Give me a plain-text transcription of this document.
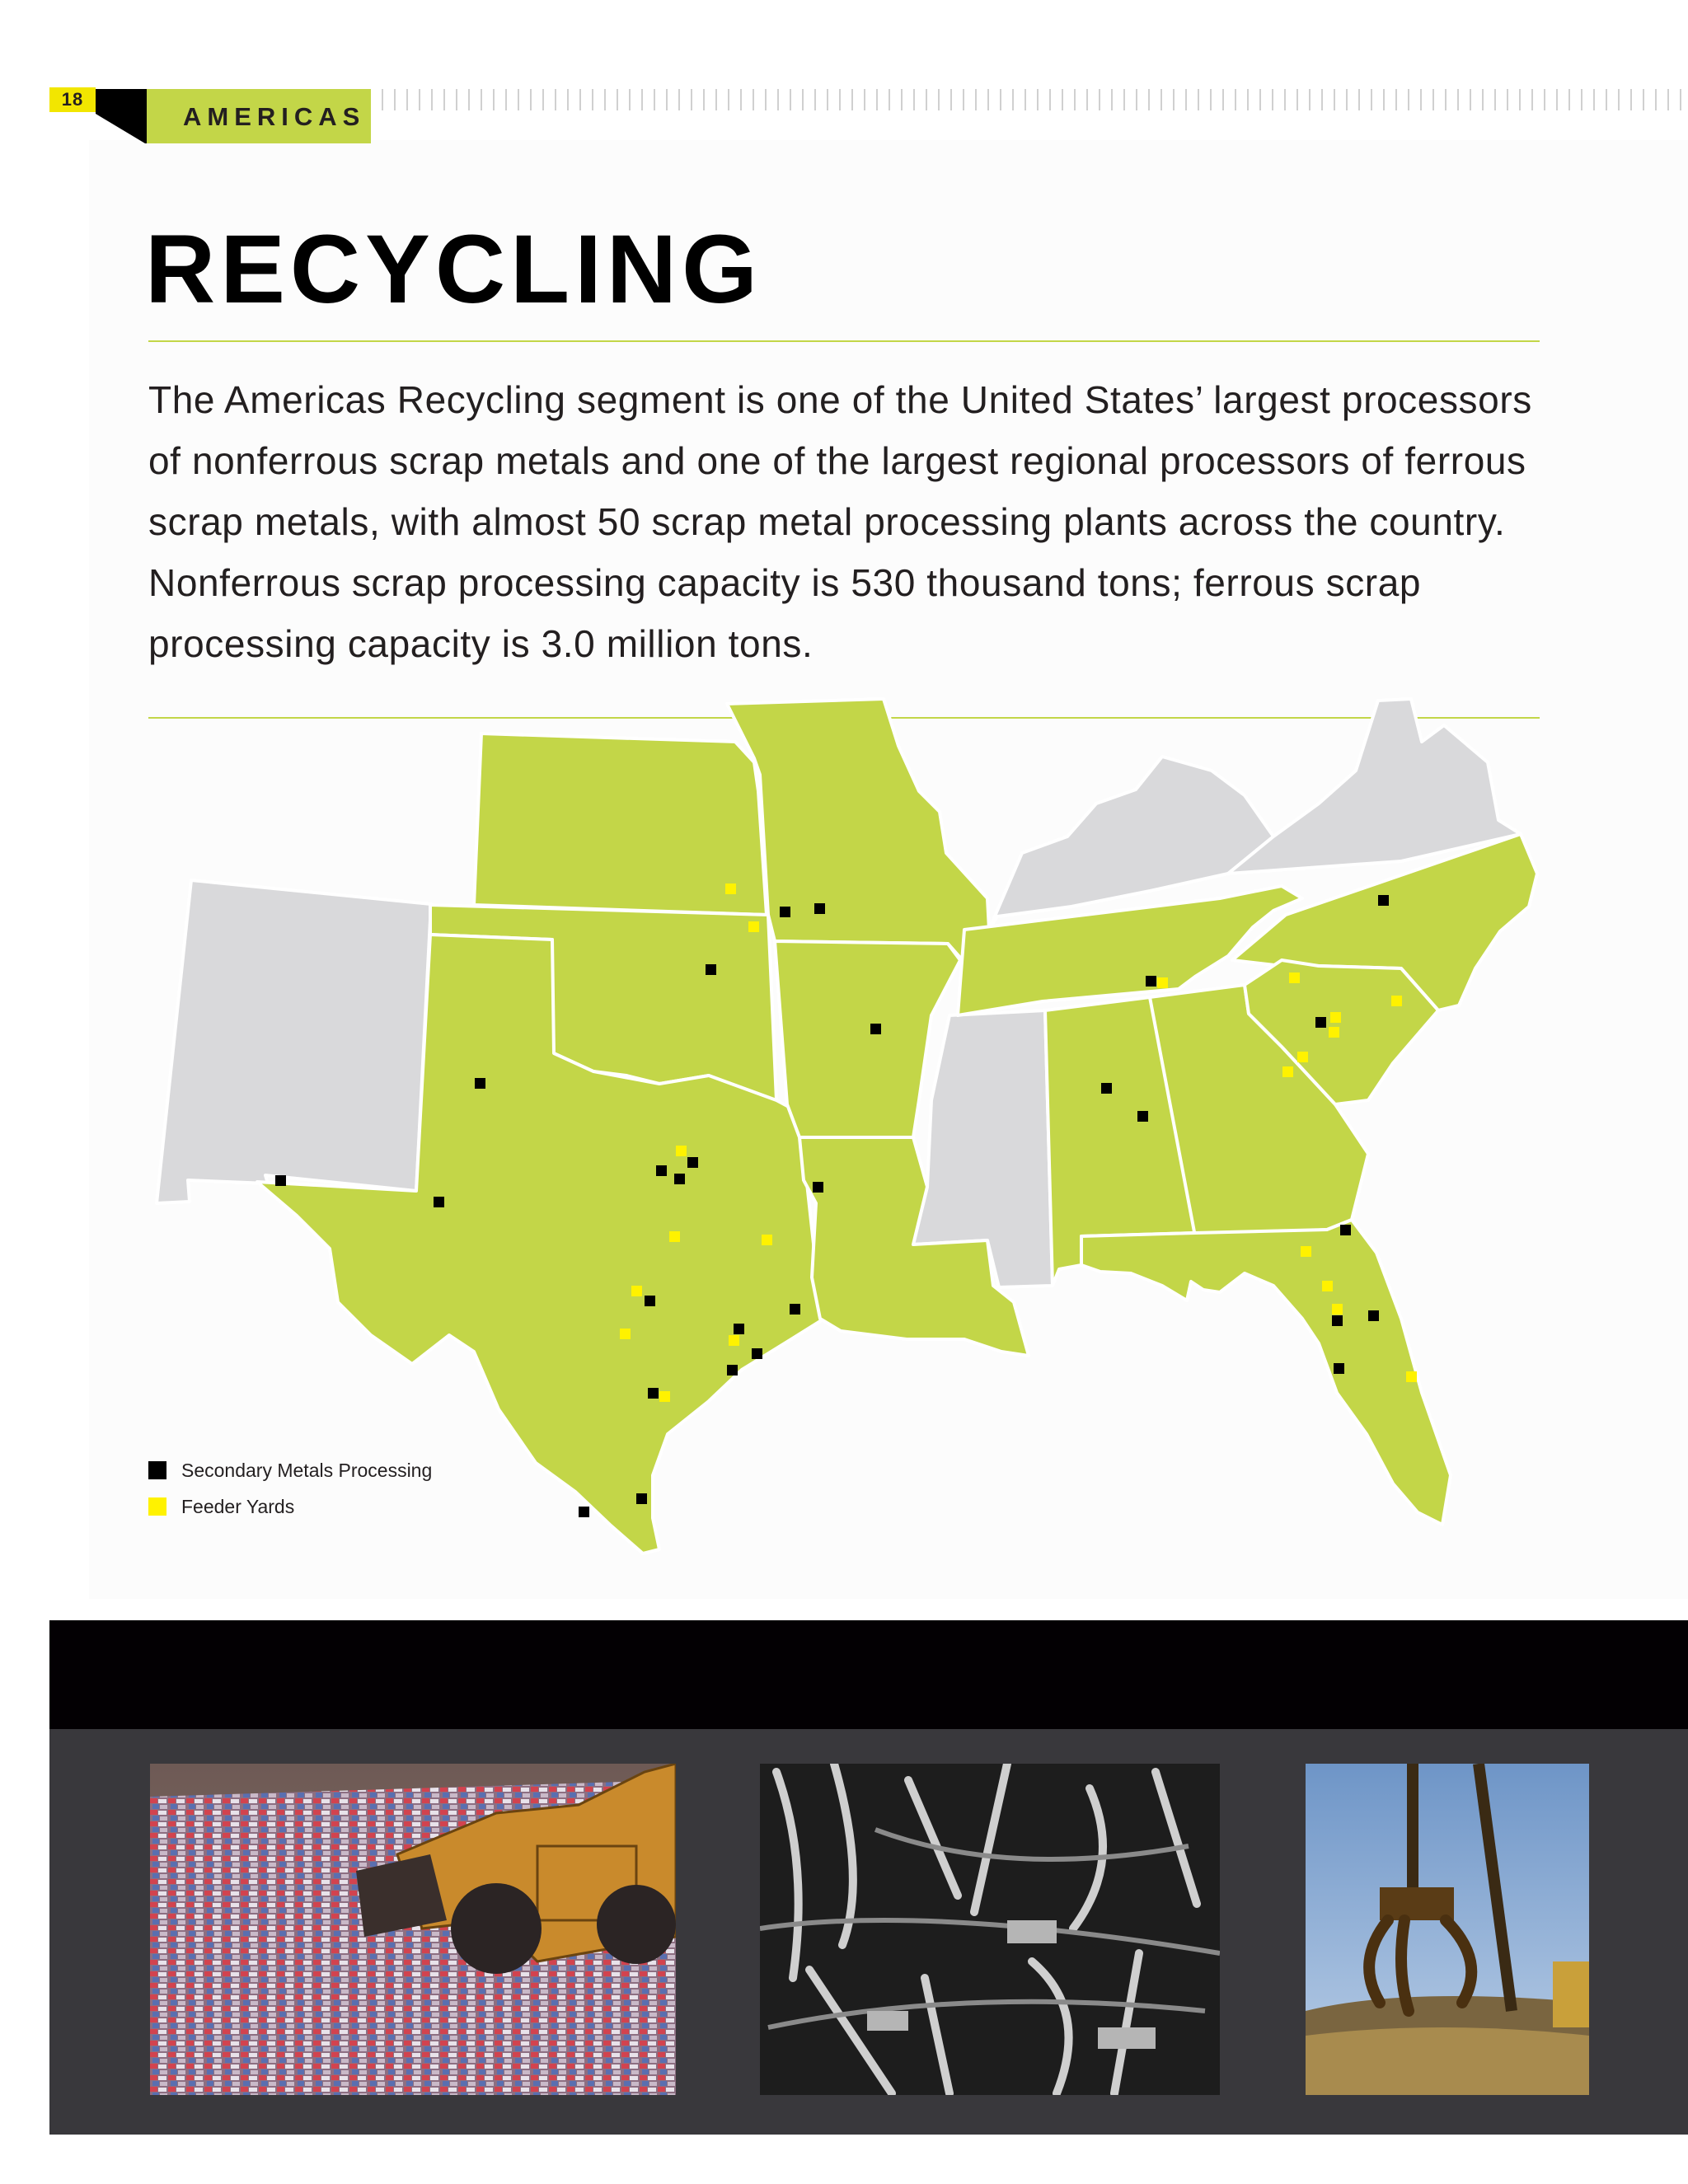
18
AMERICAS
RECYCLING

The Americas Recycling segment is one of the United States’ largest processors of nonferrous scrap metals and one of the largest regional processors of ferrous scrap metals, with almost 50 scrap metal processing plants across the country. Nonferrous scrap processing capacity is 530 thousand tons; ferrous scrap processing capacity is 3.0 million tons.

Secondary Metals Processing
Feeder Yards
